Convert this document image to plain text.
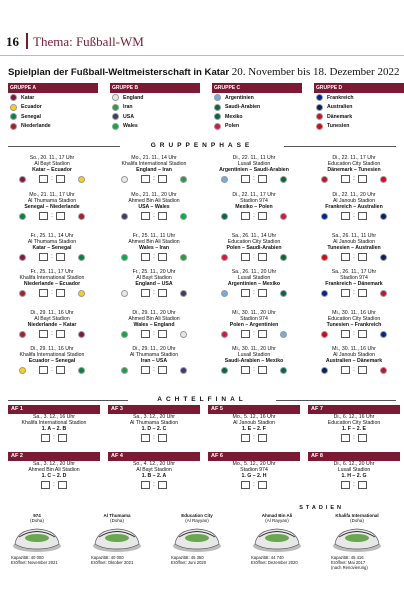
16 Thema: Fußball-WM
Spielplan der Fußball-Weltmeisterschaft in Katar 20. November bis 18. Dezember 2022
GRUPPE A
Katar
Ecuador
Senegal
Niederlande
GRUPPE B
England
Iran
USA
Wales
GRUPPE C
Argentinien
Saudi-Arabien
Mexiko
Polen
GRUPPE D
Frankreich
Australien
Dänemark
Tunesien
GRUPPENPHASE
So., 20. 11., 17 Uhr
Al Bayt Stadion
Katar – Ecuador
:
Mo., 21. 11., 14 Uhr
Khalifa International Stadion
England – Iran
:
Di., 22. 11., 11 Uhr
Lusail Stadion
Argentinien – Saudi-Arabien
:
Di., 22. 11., 17 Uhr
Education City Stadion
Dänemark – Tunesien
:
Mo., 21. 11., 17 Uhr
Al Thumama Stadion
Senegal – Niederlande
:
Mo., 21. 11., 20 Uhr
Ahmed Bin Ali Stadion
USA – Wales
:
Di., 22. 11., 17 Uhr
Stadion 974
Mexiko – Polen
:
Di., 22. 11., 20 Uhr
Al Janoub Stadion
Frankreich – Australien
:
Fr., 25. 11., 14 Uhr
Al Thumama Stadion
Katar – Senegal
:
Fr., 25. 11., 11 Uhr
Ahmed Bin Ali Stadion
Wales – Iran
:
Sa., 26. 11., 14 Uhr
Education City Stadion
Polen – Saudi-Arabien
:
Sa., 26. 11., 11 Uhr
Al Janoub Stadion
Tunesien – Australien
:
Fr., 25. 11., 17 Uhr
Khalifa International Stadion
Niederlande – Ecuador
:
Fr., 25. 11., 20 Uhr
Al Bayt Stadion
England – USA
:
Sa., 26. 11., 20 Uhr
Lusail Stadion
Argentinien – Mexiko
:
Sa., 26. 11., 17 Uhr
Stadion 974
Frankreich – Dänemark
:
Di., 29. 11., 16 Uhr
Al Bayt Stadion
Niederlande – Katar
:
Di., 29. 11., 20 Uhr
Ahmed Bin Ali Stadion
Wales – England
:
Mi., 30. 11., 20 Uhr
Stadion 974
Polen – Argentinien
:
Mi., 30. 11., 16 Uhr
Education City Stadion
Tunesien – Frankreich
:
Di., 29. 11., 16 Uhr
Khalifa International Stadion
Ecuador – Senegal
:
Di., 29. 11., 20 Uhr
Al Thumama Stadion
Iran – USA
:
Mi., 30. 11., 20 Uhr
Lusail Stadion
Saudi-Arabien – Mexiko
:
Mi., 30. 11., 16 Uhr
Al Janoub Stadion
Australien – Dänemark
:
ACHTELFINAL
AF 1
Sa., 3. 12., 16 Uhr
Khalifa International Stadion
1. A – 2. B
:
AF 3
Sa., 3. 12., 20 Uhr
Al Thumama Stadion
1. D – 2. C
:
AF 5
Mo., 5. 12., 16 Uhr
Al Janoub Stadion
1. E – 2. F
:
AF 7
Di., 6. 12., 16 Uhr
Education City Stadion
1. F – 2. E
:
AF 2
Sa., 3. 12., 20 Uhr
Ahmed Bin Ali Stadion
1. C – 2. D
:
AF 4
So., 4. 12., 20 Uhr
Al Bayt Stadion
1. B – 2. A
:
AF 6
Mo., 5. 12., 20 Uhr
Stadion 974
1. G – 2. H
:
AF 8
Di., 6. 12., 20 Uhr
Lusail Stadion
1. H – 2. G
:
STADIEN
974
(Doha)
Kapazität: 40 000
Eröffnet: November 2021
Al Thumama
(Doha)
Kapazität: 40 000
Eröffnet: Oktober 2021
Education City
(Al Rayyan)
Kapazität: 45 350
Eröffnet: Juni 2020
Ahmad Bin Ali
(Al Rayyan)
Kapazität: 44 740
Eröffnet: Dezember 2020
Khalifa International
(Doha)
Kapazität: 45 416
Eröffnet: Mai 2017
(nach Renovierung)
